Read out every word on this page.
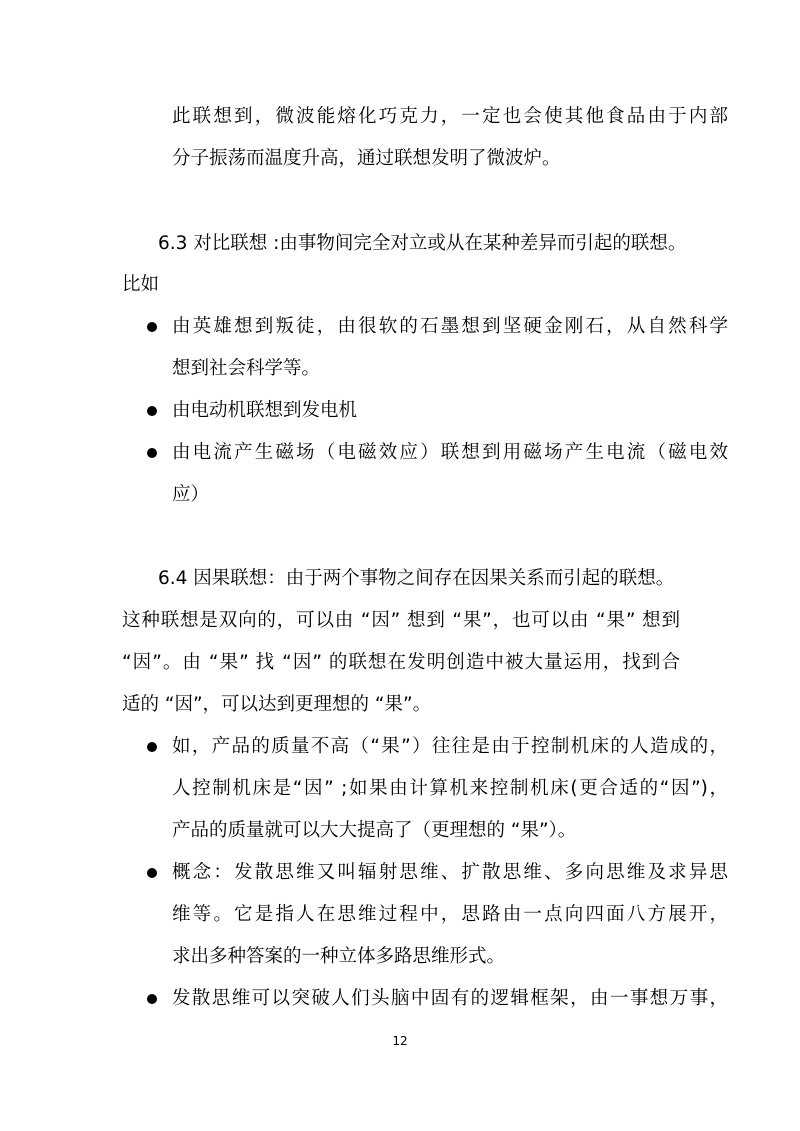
此联想到，微波能熔化巧克力，一定也会使其他食品由于内部
分子振荡而温度升高，通过联想发明了微波炉。
6.3 对比联想 :由事物间完全对立或从在某种差异而引起的联想。
比如
由英雄想到叛徒，由很软的石墨想到坚硬金刚石，从自然科学
想到社会科学等。
由电动机联想到发电机
由电流产生磁场（电磁效应）联想到用磁场产生电流（磁电效
应）
6.4 因果联想：由于两个事物之间存在因果关系而引起的联想。
这种联想是双向的，可以由 “因” 想到 “果”，也可以由 “果” 想到
“因”。由 “果” 找 “因” 的联想在发明创造中被大量运用，找到合
适的 “因”，可以达到更理想的 “果”。
如，产品的质量不高（“果”）往往是由于控制机床的人造成的，
人控制机床是“因” ;如果由计算机来控制机床(更合适的“因”)，
产品的质量就可以大大提高了（更理想的 “果”）。
概念：发散思维又叫辐射思维、扩散思维、多向思维及求异思
维等。它是指人在思维过程中，思路由一点向四面八方展开，
求出多种答案的一种立体多路思维形式。
发散思维可以突破人们头脑中固有的逻辑框架，由一事想万事，
12
